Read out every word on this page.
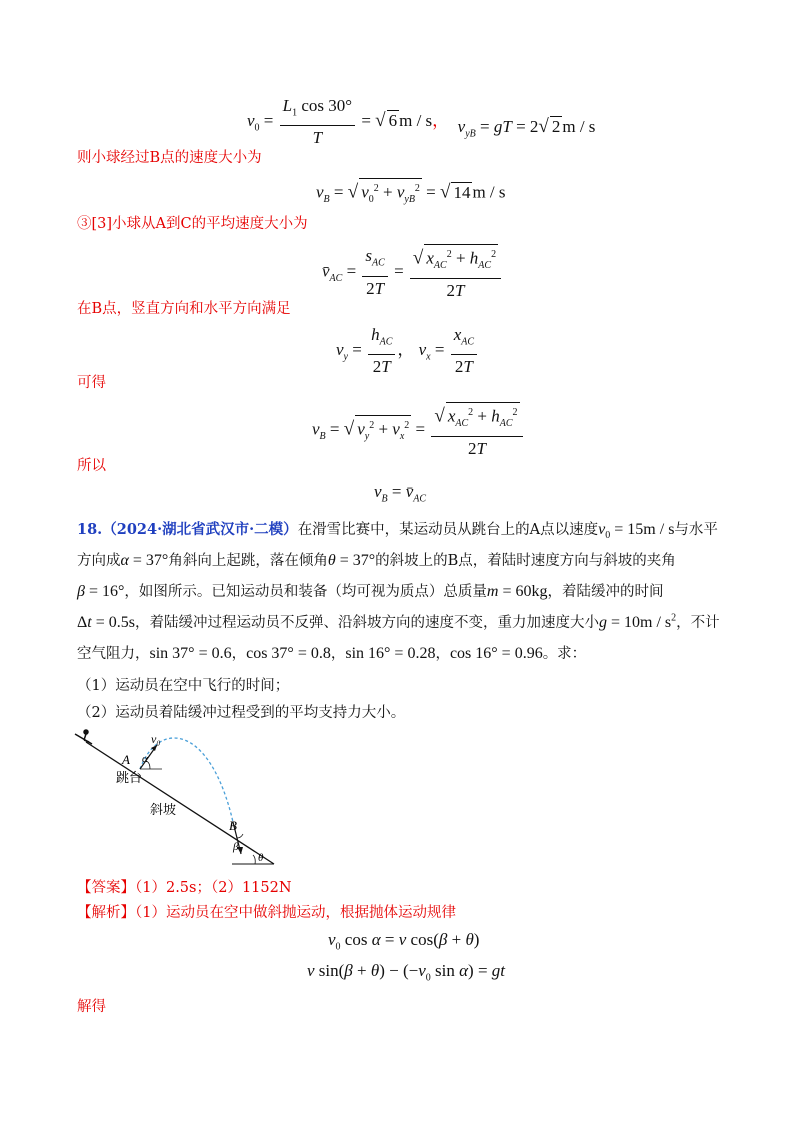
$v_0 = \frac{L_1 \cos 30^\circ}{T}$ = √ 6 m / s， $v_{yB}$ = gT = 2√ 2 m / s
则小球经过B点的速度大小为
$v_B$ = √ $v_0^2 + v_{yB}^2$ = √ 14 m / s
③[3]小球从A到C的平均速度大小为
$v̄_{AC} = \frac{s_{AC}}{2T} = \frac{√ x_{AC}^2 + h_{AC}^2}{2T}$
在B点，竖直方向和水平方向满足
$v_y = \frac{h_{AC}}{2T}$ ， $v_x = \frac{x_{AC}}{2T}$
可得
$v_B$ = √ $v_y^2 + v_x^2 = \frac{√ x_{AC}^2 + h_{AC}^2}{2T}$
所以
$v_B$ = $v̄_{AC}$
18.（2024·湖北省武汉市·二模）在滑雪比赛中，某运动员从跳台上的A点以速度$v_0 = 15m / s$与水平方向成α = 37°角斜向上起跳，落在倾角θ = 37°的斜坡上的B点，着陆时速度方向与斜坡的夹角β = 16°，如图所示。已知运动员和装备（均可视为质点）总质量m = 60kg，着陆缓冲的时间Δt = 0.5s，着陆缓冲过程运动员不反弹、沿斜坡方向的速度不变，重力加速度大小$g = 10m / s^2$，不计空气阻力，sin 37° = 0.6，cos 37° = 0.8，sin 16° = 0.28，cos 16° = 0.96。求：
（1）运动员在空中飞行的时间；
（2）运动员着陆缓冲过程受到的平均支持力大小。
A
v₀
α
跳台
斜坡
B
β
θ
【答案】（1）2.5s；（2）1152N
【解析】（1）运动员在空中做斜抛运动，根据抛体运动规律
$v_0$ cos α = v cos(β + θ)
v $\sin(\beta + \theta) - (-v_0$ sin α) = gt
解得
